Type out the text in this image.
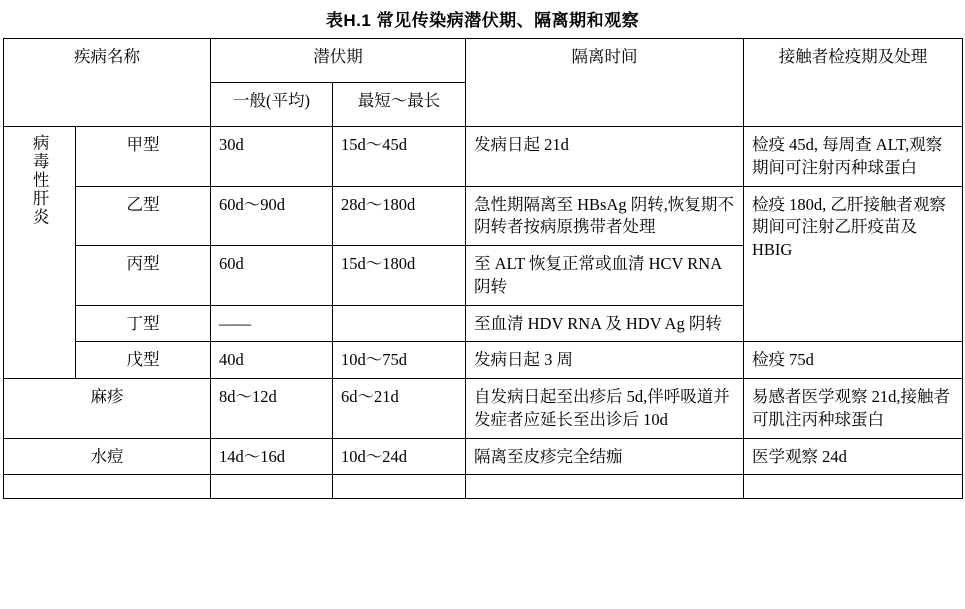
表H.1 常见传染病潜伏期、隔离期和观察
疾病名称		潜伏期		隔离时间	接触者检疫期及处理
		一般(平均)	最短～最长		
病毒性肝炎	甲型	30d	15d～45d	发病日起 21d	检疫 45d, 每周查 ALT,观察期间可注射丙种球蛋白
	乙型	60d～90d	28d～180d	急性期隔离至 HBsAg 阴转,恢复期不阴转者按病原携带者处理	检疫 180d, 乙肝接触者观察期间可注射乙肝疫苗及 HBIG
	丙型	60d	15d～180d	至 ALT 恢复正常或血清 HCV RNA 阴转	
	丁型	——		至血清 HDV RNA 及 HDV Ag 阴转	
	戊型	40d	10d～75d	发病日起 3 周	检疫 75d
麻疹		8d～12d	6d～21d	自发病日起至出疹后 5d,伴呼吸道并发症者应延长至出诊后 10d	易感者医学观察 21d,接触者可肌注丙种球蛋白
水痘		14d～16d	10d～24d	隔离至皮疹完全结痂	医学观察 24d
